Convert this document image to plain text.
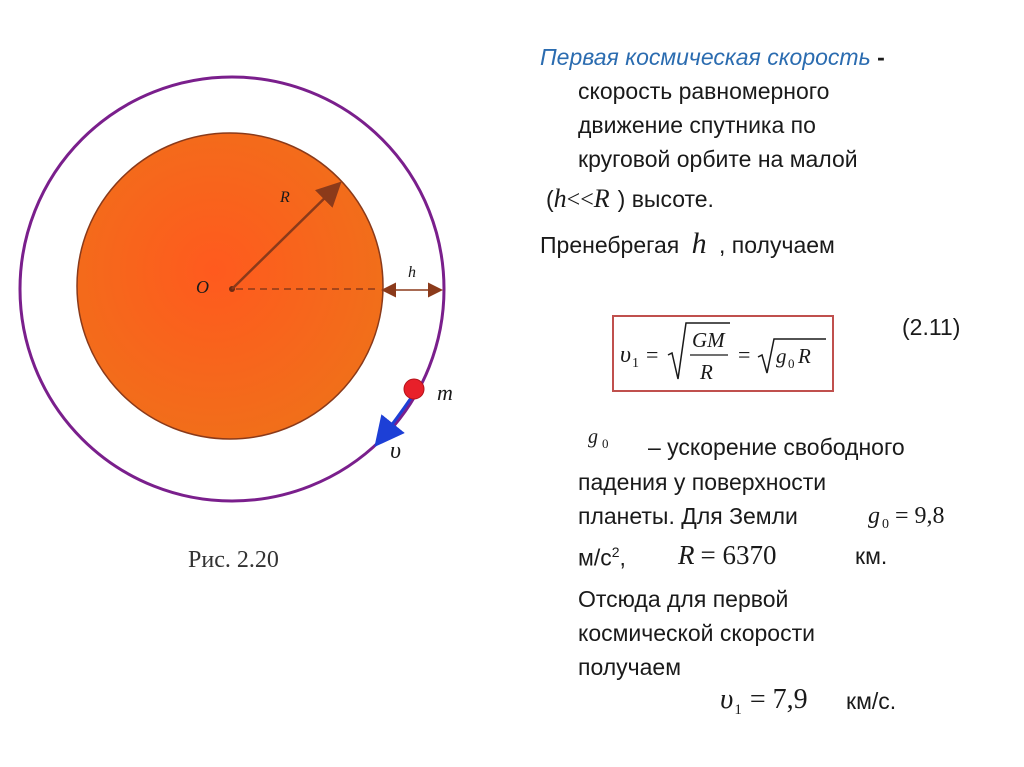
R
h
O
m
υ
Рис. 2.20
Первая космическая скорость -
скорость равномерного
движение спутника по
круговой орбите на малой
(h<<R ) высоте.
Пренебрегая h , получаем
(2.11)
υ 1 =
GM
R
= g 0 R
g $_0$ – ускорение свободного
падения у поверхности
планеты. Для Земли	g 0 = 9,8
$м/с^2$, R = 6370	км.
Отсюда для первой
космической скорости
получаем
υ1 = 7,9 км/с.
